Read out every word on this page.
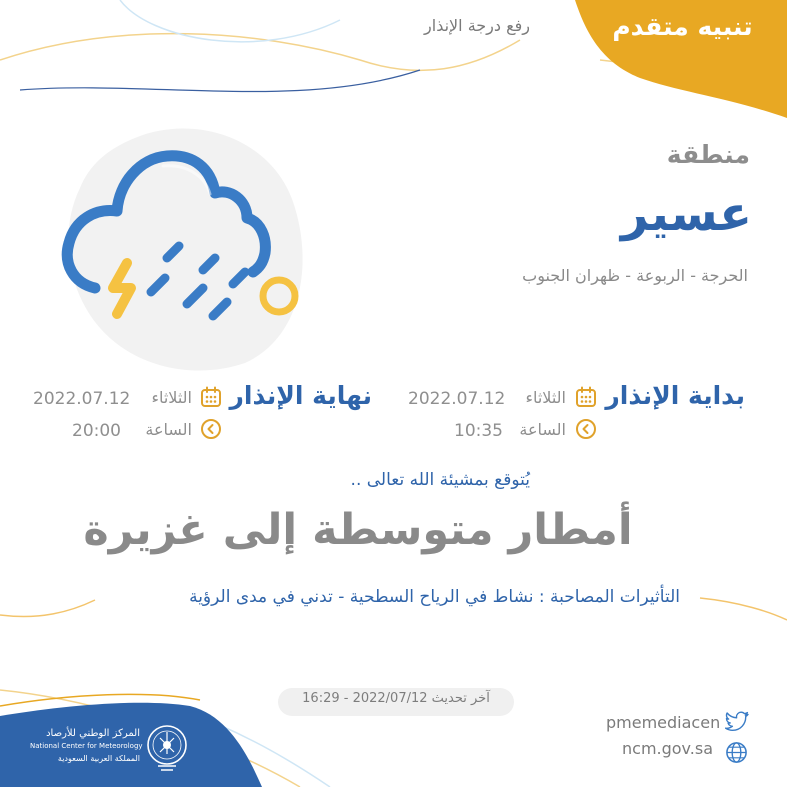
تنبيه متقدم
رفع درجة الإنذار
منطقة
عسير
الحرجة - الربوعة - ظهران الجنوب
بداية الإنذار
الثلاثاء
الساعة
2022.07.12
10:35
نهاية الإنذار
الثلاثاء
الساعة
2022.07.12
20:00
يُتوقع بمشيئة الله تعالى ..
أمطار متوسطة إلى غزيرة
التأثيرات المصاحبة : نشاط في الرياح السطحية - تدني في مدى الرؤية
آخر تحديث 2022/07/12 - 16:29
pmemediacen
ncm.gov.sa
المركز الوطني للأرصاد
National Center for Meteorology
المملكة العربية السعودية
